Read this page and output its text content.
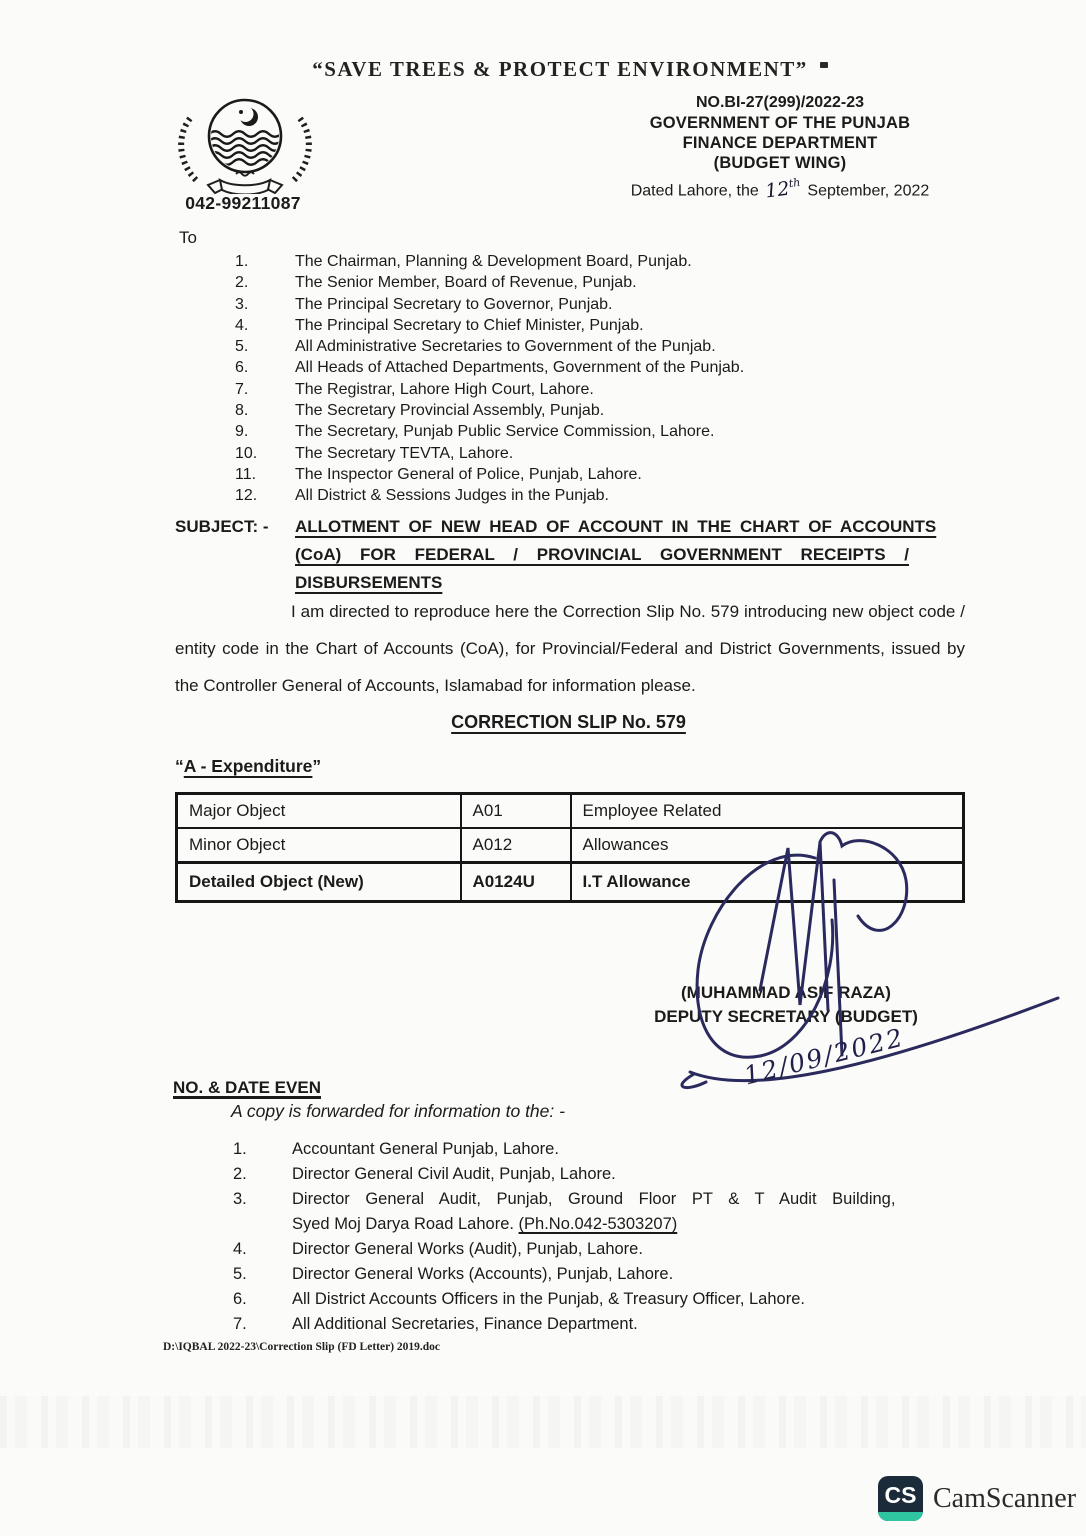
“SAVE TREES & PROTECT ENVIRONMENT”
042-99211087
NO.BI-27(299)/2022-23
GOVERNMENT OF THE PUNJAB
FINANCE DEPARTMENT
(BUDGET WING)
Dated Lahore, the 12th September, 2022
To
1.	The Chairman, Planning & Development Board, Punjab.
2.	The Senior Member, Board of Revenue, Punjab.
3.	The Principal Secretary to Governor, Punjab.
4.	The Principal Secretary to Chief Minister, Punjab.
5.	All Administrative Secretaries to Government of the Punjab.
6.	All Heads of Attached Departments, Government of the Punjab.
7.	The Registrar, Lahore High Court, Lahore.
8.	The Secretary Provincial Assembly, Punjab.
9.	The Secretary, Punjab Public Service Commission, Lahore.
10.	The Secretary TEVTA, Lahore.
11.	The Inspector General of Police, Punjab, Lahore.
12.	All District & Sessions Judges in the Punjab.
SUBJECT: -	ALLOTMENT OF NEW HEAD OF ACCOUNT IN THE CHART OF ACCOUNTS
(CoA) FOR FEDERAL / PROVINCIAL GOVERNMENT RECEIPTS /
DISBURSEMENTS
I am directed to reproduce here the Correction Slip No. 579 introducing new object code / entity code in the Chart of Accounts (CoA), for Provincial/Federal and District Governments, issued by the Controller General of Accounts, Islamabad for information please.
CORRECTION SLIP No. 579
“A - Expenditure”
Major Object	A01	Employee Related
Minor Object	A012	Allowances
Detailed Object (New)	A0124U	I.T Allowance
(MUHAMMAD ASIF RAZA)
DEPUTY SECRETARY (BUDGET)
12/09/2022
NO. & DATE EVEN
A copy is forwarded for information to the: -
1.	Accountant General Punjab, Lahore.
2.	Director General Civil Audit, Punjab, Lahore.
3.	Director General Audit, Punjab, Ground Floor PT & T Audit Building,
Syed Moj Darya Road Lahore. (Ph.No.042-5303207)
4.	Director General Works (Audit), Punjab, Lahore.
5.	Director General Works (Accounts), Punjab, Lahore.
6.	All District Accounts Officers in the Punjab, & Treasury Officer, Lahore.
7.	All Additional Secretaries, Finance Department.
D:\IQBAL 2022-23\Correction Slip (FD Letter) 2019.doc
CS CamScanner
